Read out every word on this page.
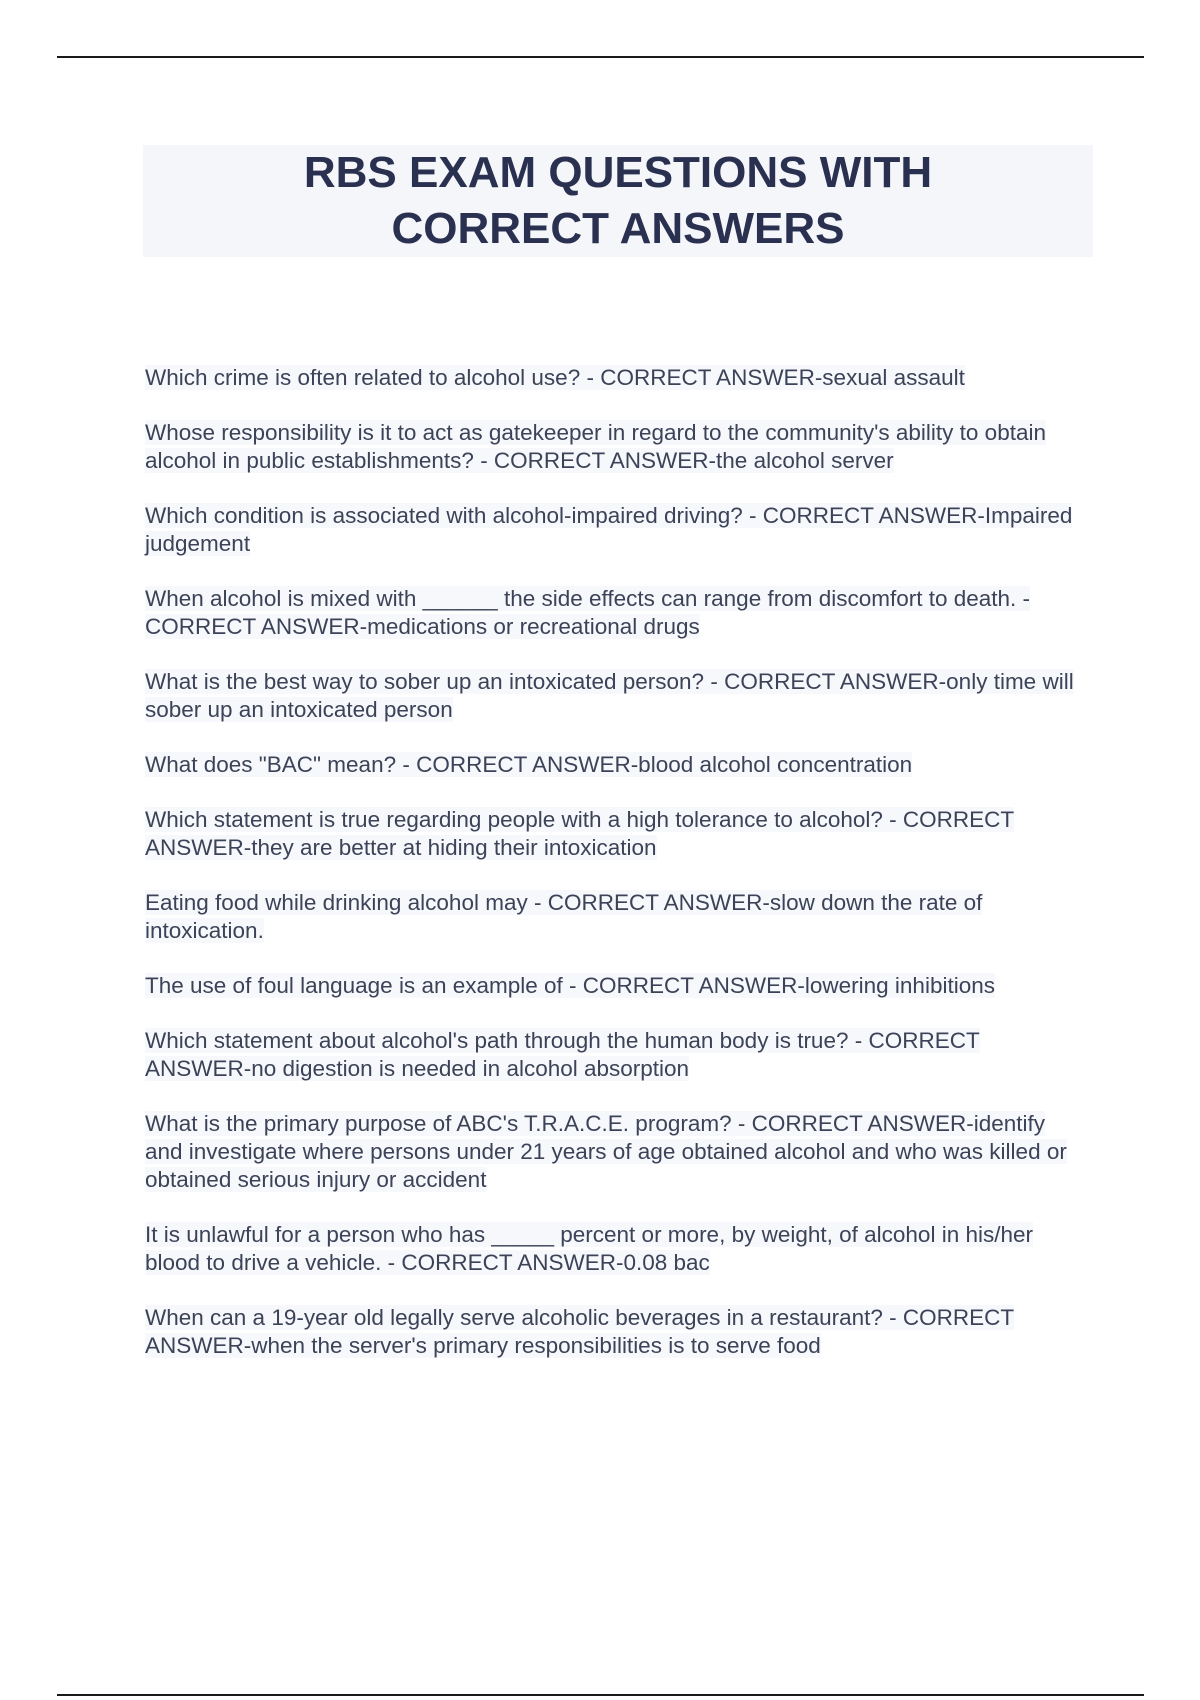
RBS EXAM QUESTIONS WITH
CORRECT ANSWERS

Which crime is often related to alcohol use? - CORRECT ANSWER-sexual assault

Whose responsibility is it to act as gatekeeper in regard to the community's ability to obtain alcohol in public establishments? - CORRECT ANSWER-the alcohol server

Which condition is associated with alcohol-impaired driving? - CORRECT ANSWER-Impaired judgement

When alcohol is mixed with ______ the side effects can range from discomfort to death. - CORRECT ANSWER-medications or recreational drugs

What is the best way to sober up an intoxicated person? - CORRECT ANSWER-only time will sober up an intoxicated person

What does "BAC" mean? - CORRECT ANSWER-blood alcohol concentration

Which statement is true regarding people with a high tolerance to alcohol? - CORRECT ANSWER-they are better at hiding their intoxication

Eating food while drinking alcohol may - CORRECT ANSWER-slow down the rate of intoxication.

The use of foul language is an example of - CORRECT ANSWER-lowering inhibitions

Which statement about alcohol's path through the human body is true? - CORRECT ANSWER-no digestion is needed in alcohol absorption

What is the primary purpose of ABC's T.R.A.C.E. program? - CORRECT ANSWER-identify and investigate where persons under 21 years of age obtained alcohol and who was killed or obtained serious injury or accident

It is unlawful for a person who has _____ percent or more, by weight, of alcohol in his/her blood to drive a vehicle. - CORRECT ANSWER-0.08 bac

When can a 19-year old legally serve alcoholic beverages in a restaurant? - CORRECT ANSWER-when the server's primary responsibilities is to serve food
